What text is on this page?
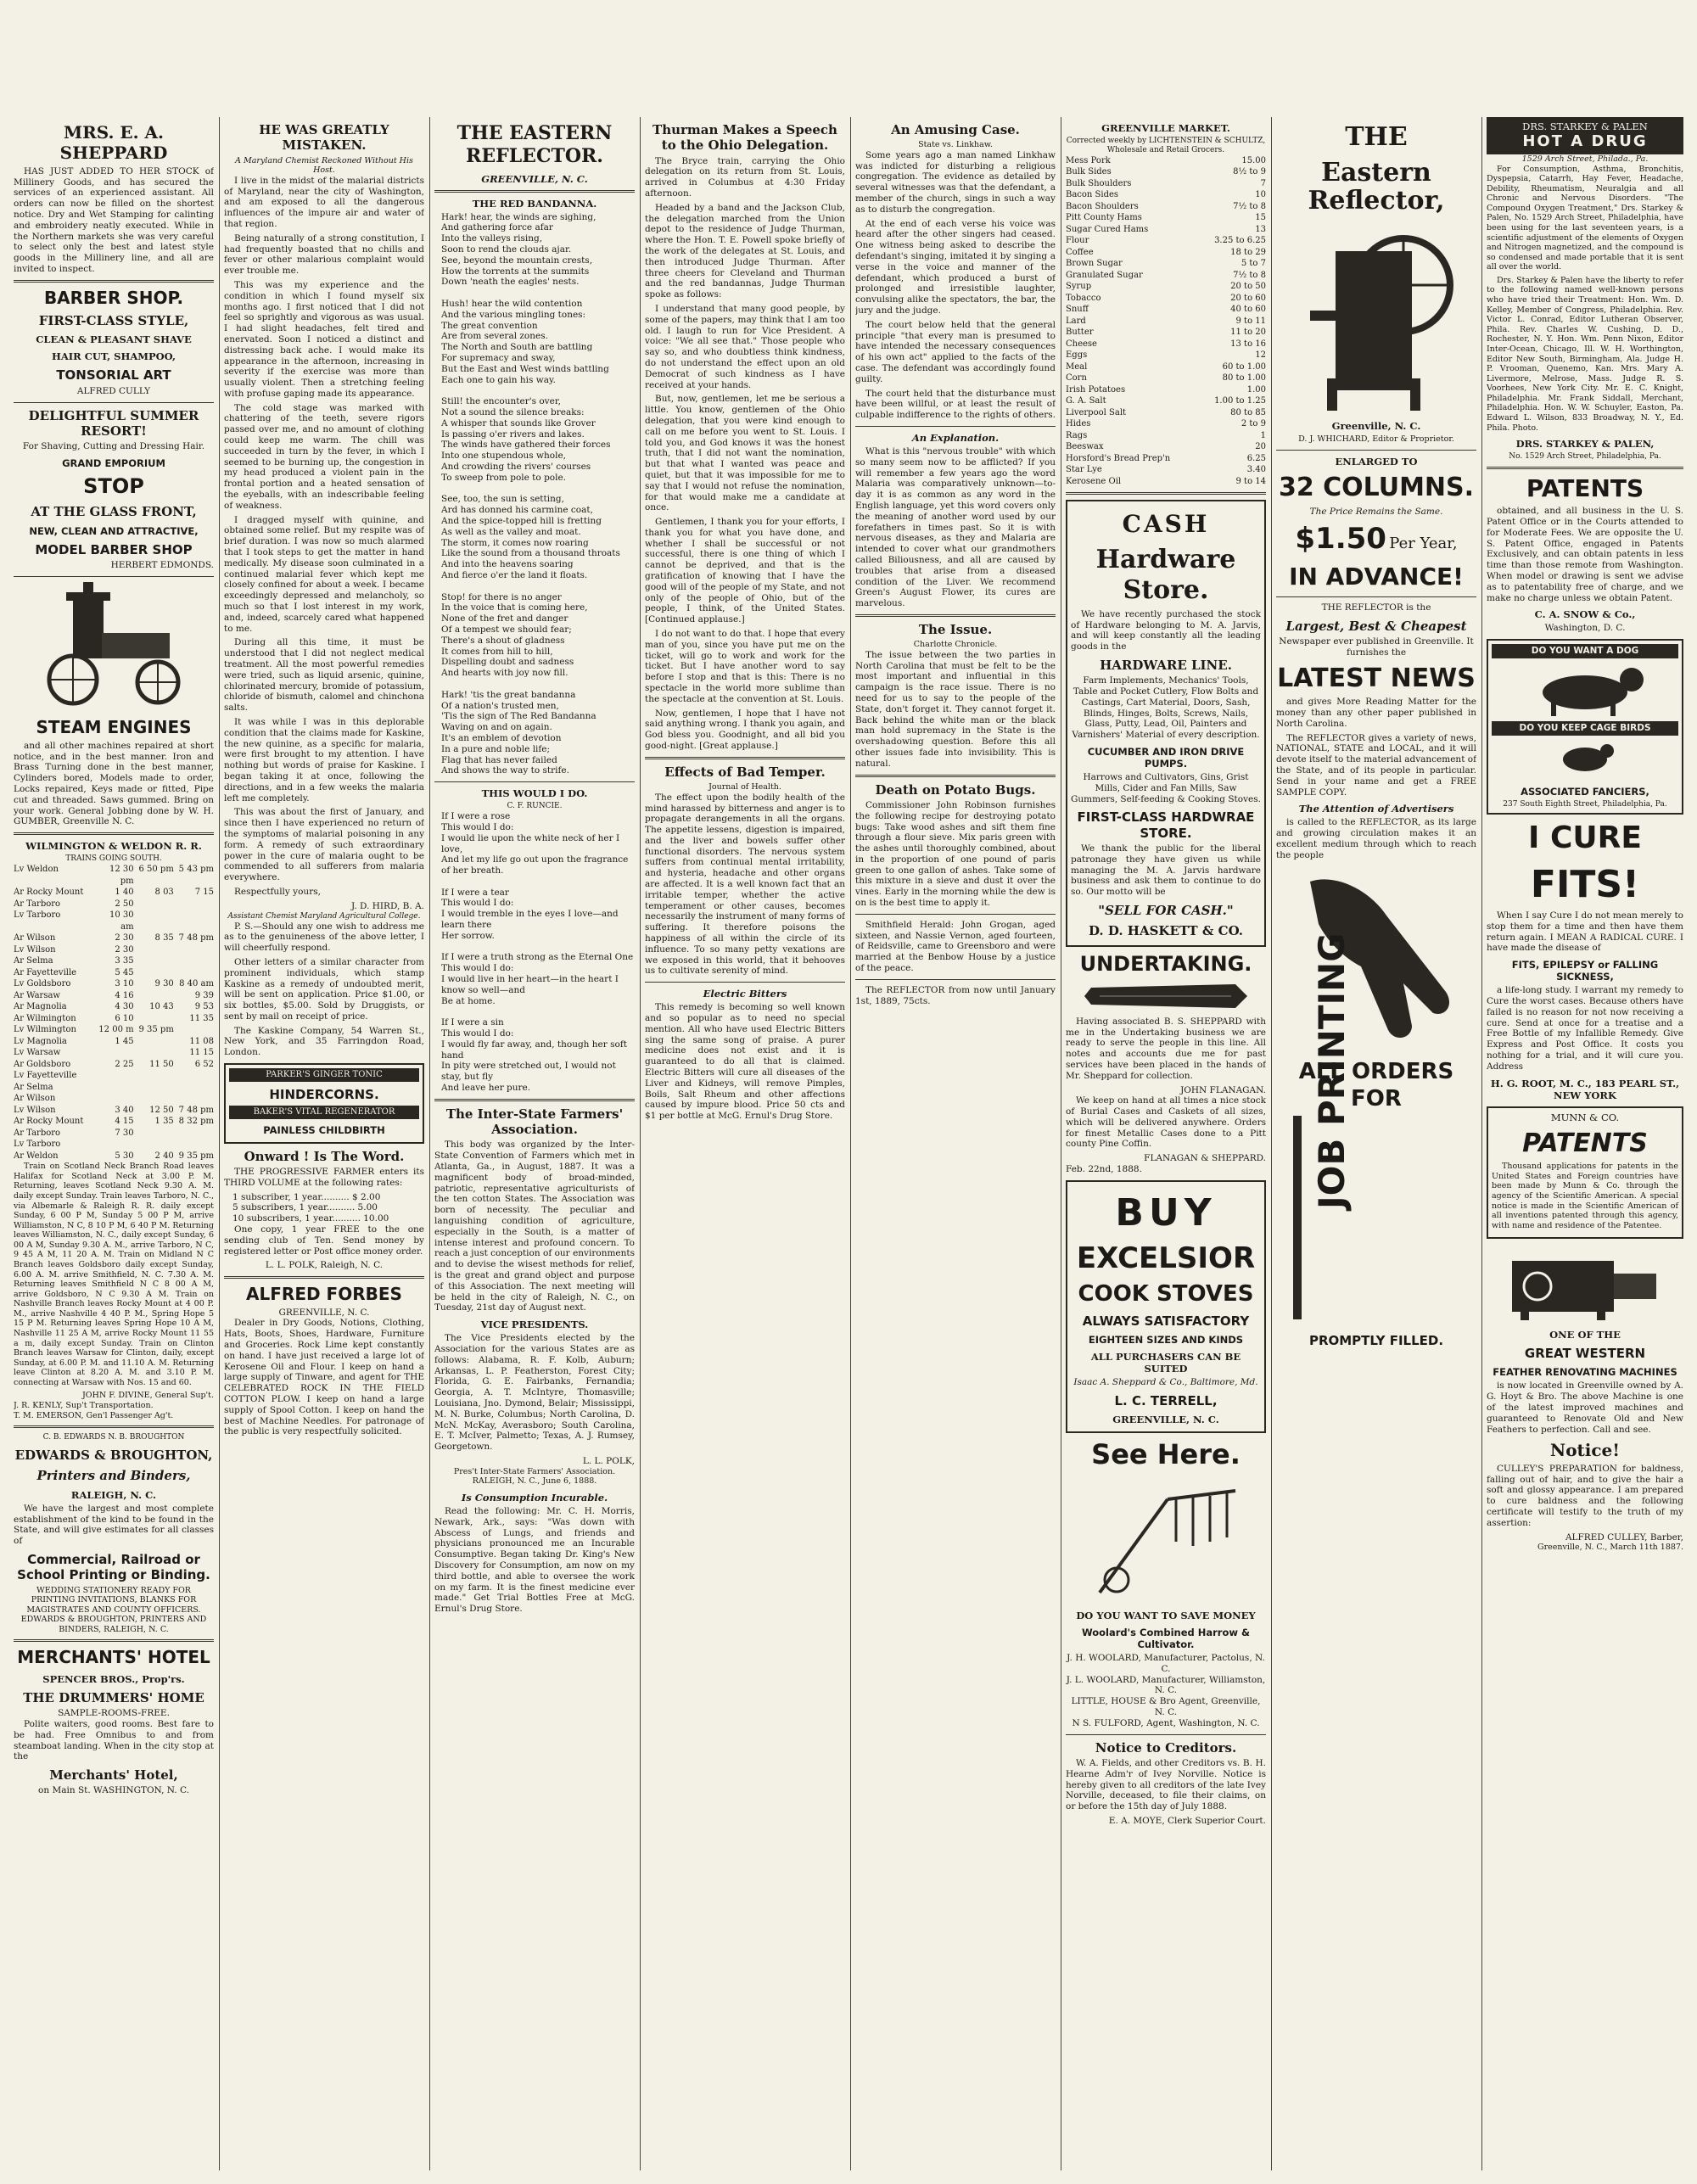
MRS. E. A. SHEPPARD

HAS JUST ADDED TO HER STOCK of Millinery Goods, and has secured the services of an experienced assistant. All orders can now be filled on the shortest notice. Dry and Wet Stamping for calinting and embroidery neatly executed. While in the Northern markets she was very careful to select only the best and latest style goods in the Millinery line, and all are invited to inspect.

BARBER SHOP.
FIRST-CLASS STYLE,
CLEAN & PLEASANT SHAVE
HAIR CUT, SHAMPOO,
TONSORIAL ART
ALFRED CULLY
DELIGHTFUL SUMMER RESORT!
For Shaving, Cutting and Dressing Hair.
GRAND EMPORIUM
STOP
AT THE GLASS FRONT,
NEW, CLEAN AND ATTRACTIVE,
MODEL BARBER SHOP
HERBERT EDMONDS.
STEAM ENGINES

and all other machines repaired at short notice, and in the best manner. Iron and Brass Turning done in the best manner, Cylinders bored, Models made to order, Locks repaired, Keys made or fitted, Pipe cut and threaded. Saws gummed. Bring on your work. General Jobbing done by W. H. GUMBER, Greenville N. C.

WILMINGTON & WELDON R. R.
TRAINS GOING SOUTH.
Lv Weldon	12 30 pm
6 50 pm 5 43 pm
Ar Rocky Mount	1 40	8 03	7 15
Ar Tarboro	2 50
Lv Tarboro	10 30 am
Ar Wilson	2 30	8 35 7 48 pm
Lv Wilson	2 30
Ar Selma	3 35
Ar Fayetteville	5 45
Lv Goldsboro	3 10	9 30 8 40 am
Ar Warsaw	4 16	9 39
Ar Magnolia	4 30	10 43	9 53
Ar Wilmington	6 10	11 35
Lv Wilmington	12 00 m 9 35 pm
Lv Magnolia	1 45	11 08
Lv Warsaw	11 15
Ar Goldsboro	2 25	11 50	6 52
Lv Fayetteville
Ar Selma
Ar Wilson
Lv Wilson	3 40	12 50 7 48 pm
Ar Rocky Mount	4 15	1 35 8 32 pm
Ar Tarboro	7 30
Lv Tarboro
Ar Weldon	5 30	2 40 9 35 pm

Train on Scotland Neck Branch Road leaves Halifax for Scotland Neck at 3.00 P. M. Returning, leaves Scotland Neck 9.30 A. M. daily except Sunday. Train leaves Tarboro, N. C., via Albemarle & Raleigh R. R. daily except Sunday, 6 00 P M, Sunday 5 00 P M, arrive Williamston, N C, 8 10 P M, 6 40 P M. Returning leaves Williamston, N. C., daily except Sunday, 6 00 A M, Sunday 9.30 A. M., arrive Tarboro, N C, 9 45 A M, 11 20 A. M. Train on Midland N C Branch leaves Goldsboro daily except Sunday, 6.00 A. M. arrive Smithfield, N. C. 7.30 A. M. Returning leaves Smithfield N C 8 00 A M, arrive Goldsboro, N C 9.30 A M. Train on Nashville Branch leaves Rocky Mount at 4 00 P. M., arrive Nashville 4 40 P. M., Spring Hope 5 15 P M. Returning leaves Spring Hope 10 A M, Nashville 11 25 A M, arrive Rocky Mount 11 55 a m, daily except Sunday. Train on Clinton Branch leaves Warsaw for Clinton, daily, except Sunday, at 6.00 P. M. and 11.10 A. M. Returning leave Clinton at 8.20 A. M. and 3.10 P. M. connecting at Warsaw with Nos. 15 and 60.

JOHN F. DIVINE, General Sup't.
J. R. KENLY, Sup't Transportation.
T. M. EMERSON, Gen'l Passenger Ag't.
C. B. EDWARDS N. B. BROUGHTON
EDWARDS & BROUGHTON,
Printers and Binders,
RALEIGH, N. C.

We have the largest and most complete establishment of the kind to be found in the State, and will give estimates for all classes of

Commercial, Railroad or School Printing or Binding.
WEDDING STATIONERY READY FOR PRINTING INVITATIONS, BLANKS FOR MAGISTRATES AND COUNTY OFFICERS.
EDWARDS & BROUGHTON, PRINTERS AND BINDERS, RALEIGH, N. C.
MERCHANTS' HOTEL
SPENCER BROS., Prop'rs.
THE DRUMMERS' HOME
SAMPLE-ROOMS-FREE.

Polite waiters, good rooms. Best fare to be had. Free Omnibus to and from steamboat landing. When in the city stop at the

Merchants' Hotel,
on Main St. WASHINGTON, N. C.
HE WAS GREATLY MISTAKEN.
A Maryland Chemist Reckoned Without His Host.

I live in the midst of the malarial districts of Maryland, near the city of Washington, and am exposed to all the dangerous influences of the impure air and water of that region.

Being naturally of a strong constitution, I had frequently boasted that no chills and fever or other malarious complaint would ever trouble me.

This was my experience and the condition in which I found myself six months ago. I first noticed that I did not feel so sprightly and vigorous as was usual. I had slight headaches, felt tired and enervated. Soon I noticed a distinct and distressing back ache. I would make its appearance in the afternoon, increasing in severity if the exercise was more than usually violent. Then a stretching feeling with profuse gaping made its appearance.

The cold stage was marked with chattering of the teeth, severe rigors passed over me, and no amount of clothing could keep me warm. The chill was succeeded in turn by the fever, in which I seemed to be burning up, the congestion in my head produced a violent pain in the frontal portion and a heated sensation of the eyeballs, with an indescribable feeling of weakness.

I dragged myself with quinine, and obtained some relief. But my respite was of brief duration. I was now so much alarmed that I took steps to get the matter in hand medically. My disease soon culminated in a continued malarial fever which kept me closely confined for about a week. I became exceedingly depressed and melancholy, so much so that I lost interest in my work, and, indeed, scarcely cared what happened to me.

During all this time, it must be understood that I did not neglect medical treatment. All the most powerful remedies were tried, such as liquid arsenic, quinine, chlorinated mercury, bromide of potassium, chloride of bismuth, calomel and chinchona salts.

It was while I was in this deplorable condition that the claims made for Kaskine, the new quinine, as a specific for malaria, were first brought to my attention. I have nothing but words of praise for Kaskine. I began taking it at once, following the directions, and in a few weeks the malaria left me completely.

This was about the first of January, and since then I have experienced no return of the symptoms of malarial poisoning in any form. A remedy of such extraordinary power in the cure of malaria ought to be commended to all sufferers from malaria everywhere.

Respectfully yours,

J. D. HIRD, B. A.
Assistant Chemist Maryland Agricultural College.

P. S.—Should any one wish to address me as to the genuineness of the above letter, I will cheerfully respond.

Other letters of a similar character from prominent individuals, which stamp Kaskine as a remedy of undoubted merit, will be sent on application. Price $1.00, or six bottles, $5.00. Sold by Druggists, or sent by mail on receipt of price.

The Kaskine Company, 54 Warren St., New York, and 35 Farringdon Road, London.

PARKER'S GINGER TONIC
HINDERCORNS.
BAKER'S VITAL REGENERATOR
PAINLESS CHILDBIRTH
Onward ! Is The Word.

THE PROGRESSIVE FARMER enters its THIRD VOLUME at the following rates:

1 subscriber, 1 year.......... $ 2.00
5 subscribers, 1 year.......... 5.00
10 subscribers, 1 year.......... 10.00

One copy, 1 year FREE to the one sending club of Ten. Send money by registered letter or Post office money order.

L. L. POLK, Raleigh, N. C.
ALFRED FORBES
GREENVILLE, N. C.

Dealer in Dry Goods, Notions, Clothing, Hats, Boots, Shoes, Hardware, Furniture and Groceries. Rock Lime kept constantly on hand. I have just received a large lot of Kerosene Oil and Flour. I keep on hand a large supply of Tinware, and agent for THE CELEBRATED ROCK IN THE FIELD COTTON PLOW. I keep on hand a large supply of Spool Cotton. I keep on hand the best of Machine Needles. For patronage of the public is very respectfully solicited.

THE EASTERN REFLECTOR.
GREENVILLE, N. C.
THE RED BANDANNA.
Hark! hear, the winds are sighing,
And gathering force afar
Into the valleys rising,
Soon to rend the clouds ajar.
See, beyond the mountain crests,
How the torrents at the summits
Down 'neath the eagles' nests.

Hush! hear the wild contention
And the various mingling tones:
The great convention
Are from several zones.
The North and South are battling
For supremacy and sway,
But the East and West winds battling
Each one to gain his way.

Still! the encounter's over,
Not a sound the silence breaks:
A whisper that sounds like Grover
Is passing o'er rivers and lakes.
The winds have gathered their forces
Into one stupendous whole,
And crowding the rivers' courses
To sweep from pole to pole.

See, too, the sun is setting,
Ard has donned his carmine coat,
And the spice-topped hill is fretting
As well as the valley and moat.
The storm, it comes now roaring
Like the sound from a thousand throats
And into the heavens soaring
And fierce o'er the land it floats.

Stop! for there is no anger
In the voice that is coming here,
None of the fret and danger
Of a tempest we should fear;
There's a shout of gladness
It comes from hill to hill,
Dispelling doubt and sadness
And hearts with joy now fill.

Hark! 'tis the great bandanna
Of a nation's trusted men,
'Tis the sign of The Red Bandanna
Waving on and on again.
It's an emblem of devotion
In a pure and noble life;
Flag that has never failed
And shows the way to strife.
THIS WOULD I DO.
C. F. RUNCIE.
If I were a rose
This would I do:
I would lie upon the white neck of her I love,
And let my life go out upon the fragrance of her breath.

If I were a tear
This would I do:
I would tremble in the eyes I love—and learn there
Her sorrow.

If I were a truth strong as the Eternal One
This would I do:
I would live in her heart—in the heart I know so well—and
Be at home.

If I were a sin
This would I do:
I would fly far away, and, though her soft hand
In pity were stretched out, I would not stay, but fly
And leave her pure.
The Inter-State Farmers' Association.

This body was organized by the Inter-State Convention of Farmers which met in Atlanta, Ga., in August, 1887. It was a magnificent body of broad-minded, patriotic, representative agriculturists of the ten cotton States. The Association was born of necessity. The peculiar and languishing condition of agriculture, especially in the South, is a matter of intense interest and profound concern. To reach a just conception of our environments and to devise the wisest methods for relief, is the great and grand object and purpose of this Association. The next meeting will be held in the city of Raleigh, N. C., on Tuesday, 21st day of August next.

VICE PRESIDENTS.

The Vice Presidents elected by the Association for the various States are as follows: Alabama, R. F. Kolb, Auburn; Arkansas, L. P. Featherston, Forest City; Florida, G. E. Fairbanks, Fernandia; Georgia, A. T. McIntyre, Thomasville; Louisiana, Jno. Dymond, Belair; Mississippi, M. N. Burke, Columbus; North Carolina, D. McN. McKay, Averasboro; South Carolina, E. T. McIver, Palmetto; Texas, A. J. Rumsey, Georgetown.

L. L. POLK,
Pres't Inter-State Farmers' Association.
RALEIGH, N. C., June 6, 1888.
Is Consumption Incurable.

Read the following: Mr. C. H. Morris, Newark, Ark., says: "Was down with Abscess of Lungs, and friends and physicians pronounced me an Incurable Consumptive. Began taking Dr. King's New Discovery for Consumption, am now on my third bottle, and able to oversee the work on my farm. It is the finest medicine ever made." Get Trial Bottles Free at McG. Ernul's Drug Store.

Thurman Makes a Speech to the Ohio Delegation.

The Bryce train, carrying the Ohio delegation on its return from St. Louis, arrived in Columbus at 4:30 Friday afternoon.

Headed by a band and the Jackson Club, the delegation marched from the Union depot to the residence of Judge Thurman, where the Hon. T. E. Powell spoke briefly of the work of the delegates at St. Louis, and then introduced Judge Thurman. After three cheers for Cleveland and Thurman and the red bandannas, Judge Thurman spoke as follows:

I understand that many good people, by some of the papers, may think that I am too old. I laugh to run for Vice President. A voice: "We all see that." Those people who say so, and who doubtless think kindness, do not understand the effect upon an old Democrat of such kindness as I have received at your hands.

But, now, gentlemen, let me be serious a little. You know, gentlemen of the Ohio delegation, that you were kind enough to call on me before you went to St. Louis. I told you, and God knows it was the honest truth, that I did not want the nomination, but that what I wanted was peace and quiet, but that it was impossible for me to say that I would not refuse the nomination, for that would make me a candidate at once.

Gentlemen, I thank you for your efforts, I thank you for what you have done, and whether I shall be successful or not successful, there is one thing of which I cannot be deprived, and that is the gratification of knowing that I have the good will of the people of my State, and not only of the people of Ohio, but of the people, I think, of the United States. [Continued applause.]

I do not want to do that. I hope that every man of you, since you have put me on the ticket, will go to work and work for the ticket. But I have another word to say before I stop and that is this: There is no spectacle in the world more sublime than the spectacle at the convention at St. Louis.

Now, gentlemen, I hope that I have not said anything wrong. I thank you again, and God bless you. Goodnight, and all bid you good-night. [Great applause.]

Effects of Bad Temper.
Journal of Health.

The effect upon the bodily health of the mind harassed by bitterness and anger is to propagate derangements in all the organs. The appetite lessens, digestion is impaired, and the liver and bowels suffer other functional disorders. The nervous system suffers from continual mental irritability, and hysteria, headache and other organs are affected. It is a well known fact that an irritable temper, whether the active temperament or other causes, becomes necessarily the instrument of many forms of suffering. It therefore poisons the happiness of all within the circle of its influence. To so many petty vexations are we exposed in this world, that it behooves us to cultivate serenity of mind.

Electric Bitters

This remedy is becoming so well known and so popular as to need no special mention. All who have used Electric Bitters sing the same song of praise. A purer medicine does not exist and it is guaranteed to do all that is claimed. Electric Bitters will cure all diseases of the Liver and Kidneys, will remove Pimples, Boils, Salt Rheum and other affections caused by impure blood. Price 50 cts and $1 per bottle at McG. Ernul's Drug Store.

An Amusing Case.
State vs. Linkhaw.

Some years ago a man named Linkhaw was indicted for disturbing a religious congregation. The evidence as detailed by several witnesses was that the defendant, a member of the church, sings in such a way as to disturb the congregation.

At the end of each verse his voice was heard after the other singers had ceased. One witness being asked to describe the defendant's singing, imitated it by singing a verse in the voice and manner of the defendant, which produced a burst of prolonged and irresistible laughter, convulsing alike the spectators, the bar, the jury and the judge.

The court below held that the general principle "that every man is presumed to have intended the necessary consequences of his own act" applied to the facts of the case. The defendant was accordingly found guilty.

The court held that the disturbance must have been willful, or at least the result of culpable indifference to the rights of others.

An Explanation.

What is this "nervous trouble" with which so many seem now to be afflicted? If you will remember a few years ago the word Malaria was comparatively unknown—to-day it is as common as any word in the English language, yet this word covers only the meaning of another word used by our forefathers in times past. So it is with nervous diseases, as they and Malaria are intended to cover what our grandmothers called Biliousness, and all are caused by troubles that arise from a diseased condition of the Liver. We recommend Green's August Flower, its cures are marvelous.

The Issue.
Charlotte Chronicle.

The issue between the two parties in North Carolina that must be felt to be the most important and influential in this campaign is the race issue. There is no need for us to say to the people of the State, don't forget it. They cannot forget it. Back behind the white man or the black man hold supremacy in the State is the overshadowing question. Before this all other issues fade into invisibility. This is natural.

Death on Potato Bugs.

Commissioner John Robinson furnishes the following recipe for destroying potato bugs: Take wood ashes and sift them fine through a flour sieve. Mix paris green with the ashes until thoroughly combined, about in the proportion of one pound of paris green to one gallon of ashes. Take some of this mixture in a sieve and dust it over the vines. Early in the morning while the dew is on is the best time to apply it.

Smithfield Herald: John Grogan, aged sixteen, and Nassie Vernon, aged fourteen, of Reidsville, came to Greensboro and were married at the Benbow House by a justice of the peace.

The REFLECTOR from now until January 1st, 1889, 75cts.

GREENVILLE MARKET.
Corrected weekly by LICHTENSTEIN & SCHULTZ, Wholesale and Retail Grocers.
Mess Pork	15.00
Bulk Sides	8½ to 9
Bulk Shoulders	7
Bacon Sides	10
Bacon Shoulders	7½ to 8
Pitt County Hams	15
Sugar Cured Hams	13
Flour	3.25 to 6.25
Coffee	18 to 29
Brown Sugar	5 to 7
Granulated Sugar	7½ to 8
Syrup	20 to 50
Tobacco	20 to 60
Snuff	40 to 60
Lard	9 to 11
Butter	11 to 20
Cheese	13 to 16
Eggs	12
Meal	60 to 1.00
Corn	80 to 1.00
Irish Potatoes	1.00
G. A. Salt	1.00 to 1.25
Liverpool Salt	80 to 85
Hides	2 to 9
Rags	1
Beeswax	20
Horsford's Bread Prep'n	6.25
Star Lye	3.40
Kerosene Oil	9 to 14
CASH
Hardware Store.

We have recently purchased the stock of Hardware belonging to M. A. Jarvis, and will keep constantly all the leading goods in the

HARDWARE LINE.
Farm Implements, Mechanics' Tools, Table and Pocket Cutlery, Flow Bolts and Castings, Cart Material, Doors, Sash, Blinds, Hinges, Bolts, Screws, Nails, Glass, Putty, Lead, Oil, Painters and Varnishers' Material of every description.
CUCUMBER AND IRON DRIVE PUMPS.
Harrows and Cultivators, Gins, Grist Mills, Cider and Fan Mills, Saw Gummers, Self-feeding & Cooking Stoves.
FIRST-CLASS HARDWRAE STORE.

We thank the public for the liberal patronage they have given us while managing the M. A. Jarvis hardware business and ask them to continue to do so. Our motto will be

"SELL FOR CASH."
D. D. HASKETT & CO.
UNDERTAKING.

Having associated B. S. SHEPPARD with me in the Undertaking business we are ready to serve the people in this line. All notes and accounts due me for past services have been placed in the hands of Mr. Sheppard for collection.

JOHN FLANAGAN.

We keep on hand at all times a nice stock of Burial Cases and Caskets of all sizes, which will be delivered anywhere. Orders for finest Metallic Cases done to a Pitt county Pine Coffin.

FLANAGAN & SHEPPARD.
Feb. 22nd, 1888.
BUY
EXCELSIOR
COOK STOVES
ALWAYS SATISFACTORY
EIGHTEEN SIZES AND KINDS
ALL PURCHASERS CAN BE SUITED
Isaac A. Sheppard & Co., Baltimore, Md.
L. C. TERRELL,
GREENVILLE, N. C.
See Here.
DO YOU WANT TO SAVE MONEY
Woolard's Combined Harrow & Cultivator.
J. H. WOOLARD, Manufacturer, Pactolus, N. C.
J. L. WOOLARD, Manufacturer, Williamston, N. C.
LITTLE, HOUSE & Bro Agent, Greenville, N. C.
N S. FULFORD, Agent, Washington, N. C.
Notice to Creditors.

W. A. Fields, and other Creditors vs. B. H. Hearne Adm'r of Ivey Norville. Notice is hereby given to all creditors of the late Ivey Norville, deceased, to file their claims, on or before the 15th day of July 1888.

E. A. MOYE, Clerk Superior Court.
THE
Eastern Reflector,
Greenville, N. C.
D. J. WHICHARD, Editor & Proprietor.
ENLARGED TO
32 COLUMNS.
The Price Remains the Same.
$1.50 Per Year,
IN ADVANCE!
THE REFLECTOR is the
Largest, Best & Cheapest
Newspaper ever published in Greenville. It furnishes the
LATEST NEWS

and gives More Reading Matter for the money than any other paper published in North Carolina.

The REFLECTOR gives a variety of news, NATIONAL, STATE and LOCAL, and it will devote itself to the material advancement of the State, and of its people in particular. Send in your name and get a FREE SAMPLE COPY.

The Attention of Advertisers

is called to the REFLECTOR, as its large and growing circulation makes it an excellent medium through which to reach the people

ALL ORDERS FOR
JOB PRINTING
PROMPTLY FILLED.
DRS. STARKEY & PALEN
HOT A DRUG
1529 Arch Street, Philada., Pa.

For Consumption, Asthma, Bronchitis, Dyspepsia, Catarrh, Hay Fever, Headache, Debility, Rheumatism, Neuralgia and all Chronic and Nervous Disorders. "The Compound Oxygen Treatment," Drs. Starkey & Palen, No. 1529 Arch Street, Philadelphia, have been using for the last seventeen years, is a scientific adjustment of the elements of Oxygen and Nitrogen magnetized, and the compound is so condensed and made portable that it is sent all over the world.

Drs. Starkey & Palen have the liberty to refer to the following named well-known persons who have tried their Treatment: Hon. Wm. D. Kelley, Member of Congress, Philadelphia. Rev. Victor L. Conrad, Editor Lutheran Observer, Phila. Rev. Charles W. Cushing, D. D., Rochester, N. Y. Hon. Wm. Penn Nixon, Editor Inter-Ocean, Chicago, Ill. W. H. Worthington, Editor New South, Birmingham, Ala. Judge H. P. Vrooman, Quenemo, Kan. Mrs. Mary A. Livermore, Melrose, Mass. Judge R. S. Voorhees, New York City. Mr. E. C. Knight, Philadelphia. Mr. Frank Siddall, Merchant, Philadelphia. Hon. W. W. Schuyler, Easton, Pa. Edward L. Wilson, 833 Broadway, N. Y., Ed. Phila. Photo.

DRS. STARKEY & PALEN,
No. 1529 Arch Street, Philadelphia, Pa.
PATENTS

obtained, and all business in the U. S. Patent Office or in the Courts attended to for Moderate Fees. We are opposite the U. S. Patent Office, engaged in Patents Exclusively, and can obtain patents in less time than those remote from Washington. When model or drawing is sent we advise as to patentability free of charge, and we make no charge unless we obtain Patent.

C. A. SNOW & Co.,
Washington, D. C.
DO YOU WANT A DOG
DO YOU KEEP CAGE BIRDS
ASSOCIATED FANCIERS,
237 South Eighth Street, Philadelphia, Pa.
I CURE
FITS!

When I say Cure I do not mean merely to stop them for a time and then have them return again. I MEAN A RADICAL CURE. I have made the disease of

FITS, EPILEPSY or FALLING SICKNESS,

a life-long study. I warrant my remedy to Cure the worst cases. Because others have failed is no reason for not now receiving a cure. Send at once for a treatise and a Free Bottle of my Infallible Remedy. Give Express and Post Office. It costs you nothing for a trial, and it will cure you. Address

H. G. ROOT, M. C., 183 PEARL ST., NEW YORK
MUNN & CO.
PATENTS

Thousand applications for patents in the United States and Foreign countries have been made by Munn & Co. through the agency of the Scientific American. A special notice is made in the Scientific American of all inventions patented through this agency, with name and residence of the Patentee.

ONE OF THE
GREAT WESTERN
FEATHER RENOVATING MACHINES

is now located in Greenville owned by A. G. Hoyt & Bro. The above Machine is one of the latest improved machines and guaranteed to Renovate Old and New Feathers to perfection. Call and see.

Notice!

CULLEY'S PREPARATION for baldness, falling out of hair, and to give the hair a soft and glossy appearance. I am prepared to cure baldness and the following certificate will testify to the truth of my assertion:

ALFRED CULLEY, Barber,
Greenville, N. C., March 11th 1887.
